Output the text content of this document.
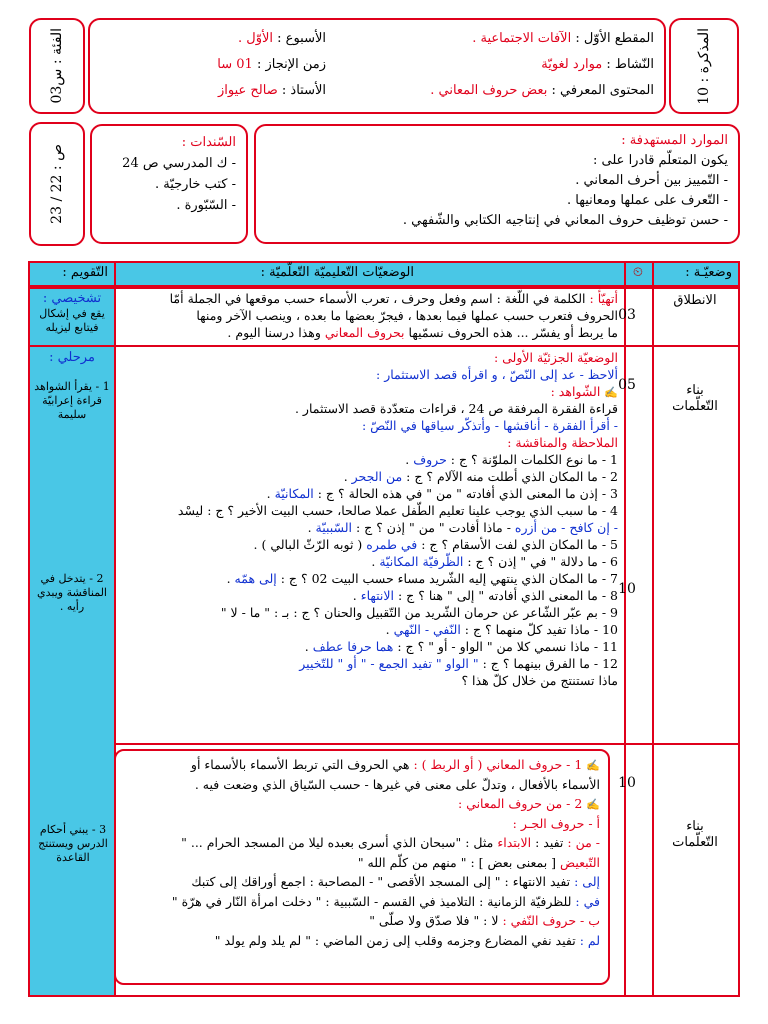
الفئة : س03	المقطع الأوّل : الآفات الاجتماعية .
النّشاط : موارد لغويّة
المحتوى المعرفي : بعض حروف المعاني .
الأسبوع : الأوّل .
زمن الإنجاز : 01 سا
الأستاذ : صالح عيواز	المذكرة : 10
ص : 22 / 23
السّندات :
- ك المدرسي ص 24
- كتب خارجيّة .
- السّبّورة .
الموارد المستهدفة :
يكون المتعلّم قادرا على :
- التّمييز بين أحرف المعاني .
- التّعرف على عملها ومعانيها .
- حسن توظيف حروف المعاني في إنتاجيه الكتابي والشّفهي .
وضعيّـة :
⏲
الوضعيّات التّعليميّة التّعلّميّة :
التّقويم :
الانطلاق
03
أتهيّأ : الكلمة في اللّغة : اسم وفعل وحرف ، تعرب الأسماء حسب موقعها في الجملة أمّا
الحروف فتعرب حسب عملها فيما بعدها ، فيجرّ بعضها ما بعده ، وينصب الآخر ومنها
ما يربط أو يفسّر ... هذه الحروف نسمّيها بحروف المعاني وهذا درسنا اليوم .
تشخيصي :
يقع في إشكال فيتابع ليزيله
بناء التّعلّمات
05
10
الوضعيّة الجزئيّة الأولى :
ألاحظ - عد إلى النّصّ ، و اقرأه قصد الاستثمار :
✍ الشّواهد :
قراءة الفقرة المرفقة ص 24 ، قراءات متعدّدة قصد الاستثمار .
- أقرأ الفقرة - أناقشها - وأتذكّر سياقها في النّصّ :
الملاحظة والمناقشة :
1 - ما نوع الكلمات الملوّنة ؟ ج : حروف .
2 - ما المكان الذي أطلت منه الآلام ؟ ج : من الجحر .
3 - إذن ما المعنى الذي أفادته " من " في هذه الحالة ؟ ج : المكانيّة .
4 - ما سبب الذي يوجب علينا تعليم الطّفل عملا صالحا، حسب البيت الأخير ؟ ج : ليسْد
- إن كافح - من أزره - ماذا أفادت " من " إذن ؟ ج : السّببيّة .
5 - ما المكان الذي لفت الأسقام ؟ ج : في طمره ( ثوبه الرّثّ البالي ) .
6 - ما دلالة " في " إذن ؟ ج : الظّرفيّة المكانيّة .
7 - ما المكان الذي ينتهي إليه الشّريد مساء حسب البيت 02 ؟ ج : إلى همّه .
8 - ما المعنى الذي أفادته " إلى " هنا ؟ ج : الانتهاء .
9 - بم عبّر الشّاعر عن حرمان الشّريد من التّقبيل والحنان ؟ ج : بـ : " ما - لا "
10 - ماذا تفيد كلّ منهما ؟ ج : النّفي - النّهي .
11 - ماذا نسمي كلا من " الواو - أو " ؟ ج : هما حرفا عطف .
12 - ما الفرق بينهما ؟ ج : " الواو " تفيد الجمع - " أو " للتّخيير
ماذا تستنتج من خلال كلّ هذا ؟
مرحلي :
1 - يقرأ الشواهد قراءة إعرابيّة سليمة
2 - يتدخل في المناقشة ويبدي رأيه .
بناء التّعلّمات
10
✍ 1 - حروف المعاني ( أو الربط ) : هي الحروف التي تربط الأسماء بالأسماء أو
الأسماء بالأفعال ، وتدلّ على معنى في غيرها - حسب السّياق الذي وضعت فيه .
✍ 2 - من حروف المعاني :
أ - حروف الجـر :
- من : تفيد : الابتداء مثل : "سبحان الذي أسرى بعبده ليلا من المسجد الحرام ... "
التّبعيض [ بمعنى بعض ] : " منهم من كلّم الله "
إلى : تفيد الانتهاء : " إلى المسجد الأقصى " - المصاحبة : اجمع أوراقك إلى كتبك
في : للظرفيّة الزمانية : التلاميذ في القسم - السّببية : " دخلت امرأة النّار في هرّة "
ب - حروف النّفي : لا : " فلا صدّق ولا صلّى "
لم : تفيد نفي المضارع وجزمه وقلب إلى زمن الماضي : " لم يلد ولم يولد "
3 - يبني أحكام الدرس ويستنتج القاعدة
